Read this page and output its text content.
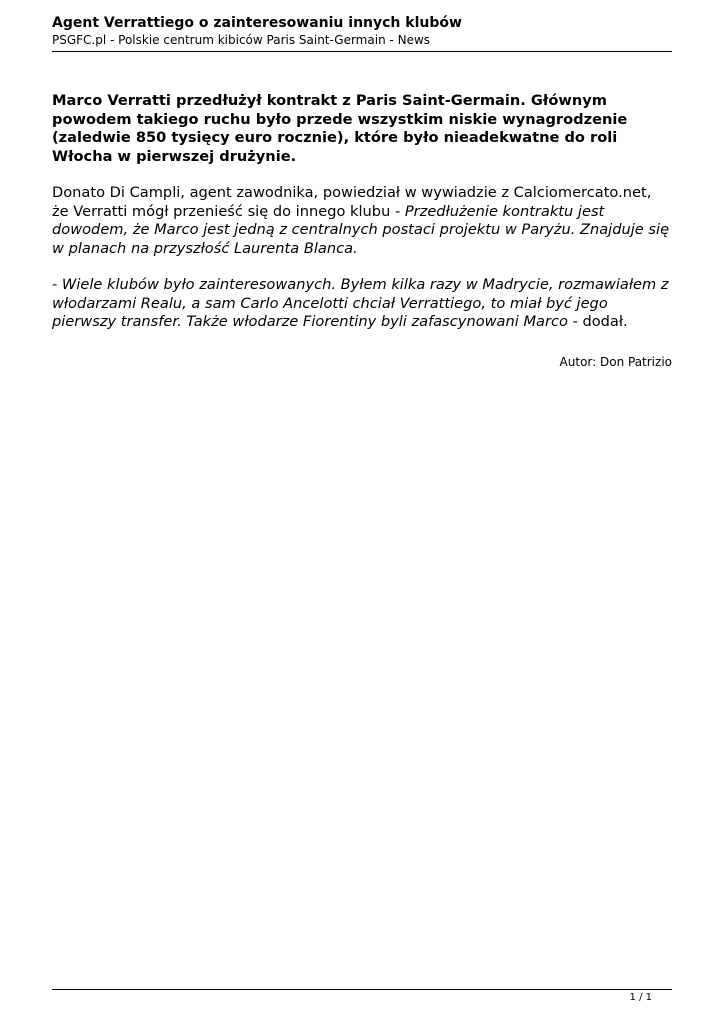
Agent Verrattiego o zainteresowaniu innych klubów

PSGFC.pl - Polskie centrum kibiców Paris Saint-Germain - News

Marco Verratti przedłużył kontrakt z Paris Saint-Germain. Głównym powodem takiego ruchu było przede wszystkim niskie wynagrodzenie (zaledwie 850 tysięcy euro rocznie), które było nieadekwatne do roli Włocha w pierwszej drużynie.

Donato Di Campli, agent zawodnika, powiedział w wywiadzie z Calciomercato.net, że Verratti mógł przenieść się do innego klubu - Przedłużenie kontraktu jest dowodem, że Marco jest jedną z centralnych postaci projektu w Paryżu. Znajduje się w planach na przyszłość Laurenta Blanca.

- Wiele klubów było zainteresowanych. Byłem kilka razy w Madrycie, rozmawiałem z włodarzami Realu, a sam Carlo Ancelotti chciał Verrattiego, to miał być jego pierwszy transfer. Także włodarze Fiorentiny byli zafascynowani Marco - dodał.

Autor: Don Patrizio

1 / 1
